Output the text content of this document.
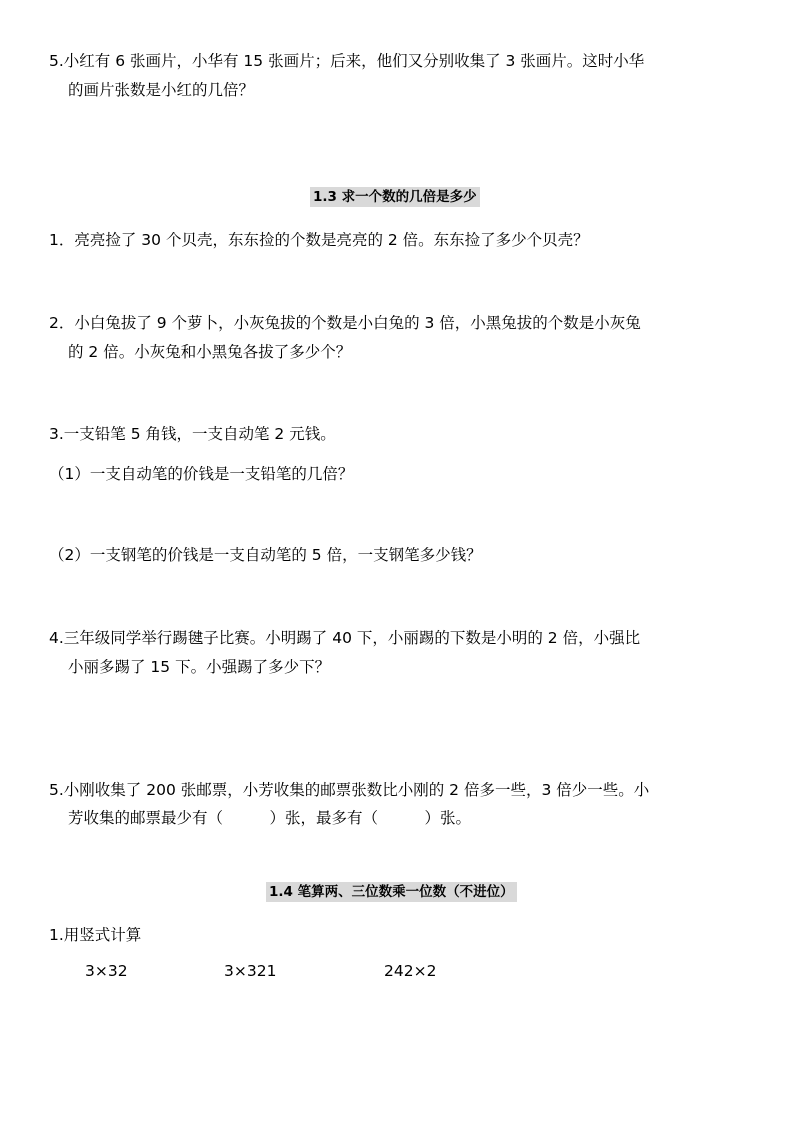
5.小红有 6 张画片，小华有 15 张画片；后来，他们又分别收集了 3 张画片。这时小华
的画片张数是小红的几倍？
1.3 求一个数的几倍是多少
1．亮亮捡了 30 个贝壳，东东捡的个数是亮亮的 2 倍。东东捡了多少个贝壳？
2．小白兔拔了 9 个萝卜，小灰兔拔的个数是小白兔的 3 倍，小黑兔拔的个数是小灰兔
的 2 倍。小灰兔和小黑兔各拔了多少个？
3.一支铅笔 5 角钱，一支自动笔 2 元钱。
（1）一支自动笔的价钱是一支铅笔的几倍？
（2）一支钢笔的价钱是一支自动笔的 5 倍，一支钢笔多少钱？
4.三年级同学举行踢毽子比赛。小明踢了 40 下，小丽踢的下数是小明的 2 倍，小强比
小丽多踢了 15 下。小强踢了多少下？
5.小刚收集了 200 张邮票，小芳收集的邮票张数比小刚的 2 倍多一些，3 倍少一些。小
芳收集的邮票最少有（　　　）张，最多有（　　　）张。
1.4 笔算两、三位数乘一位数（不进位）
1.用竖式计算
3×32	3×321	242×2
